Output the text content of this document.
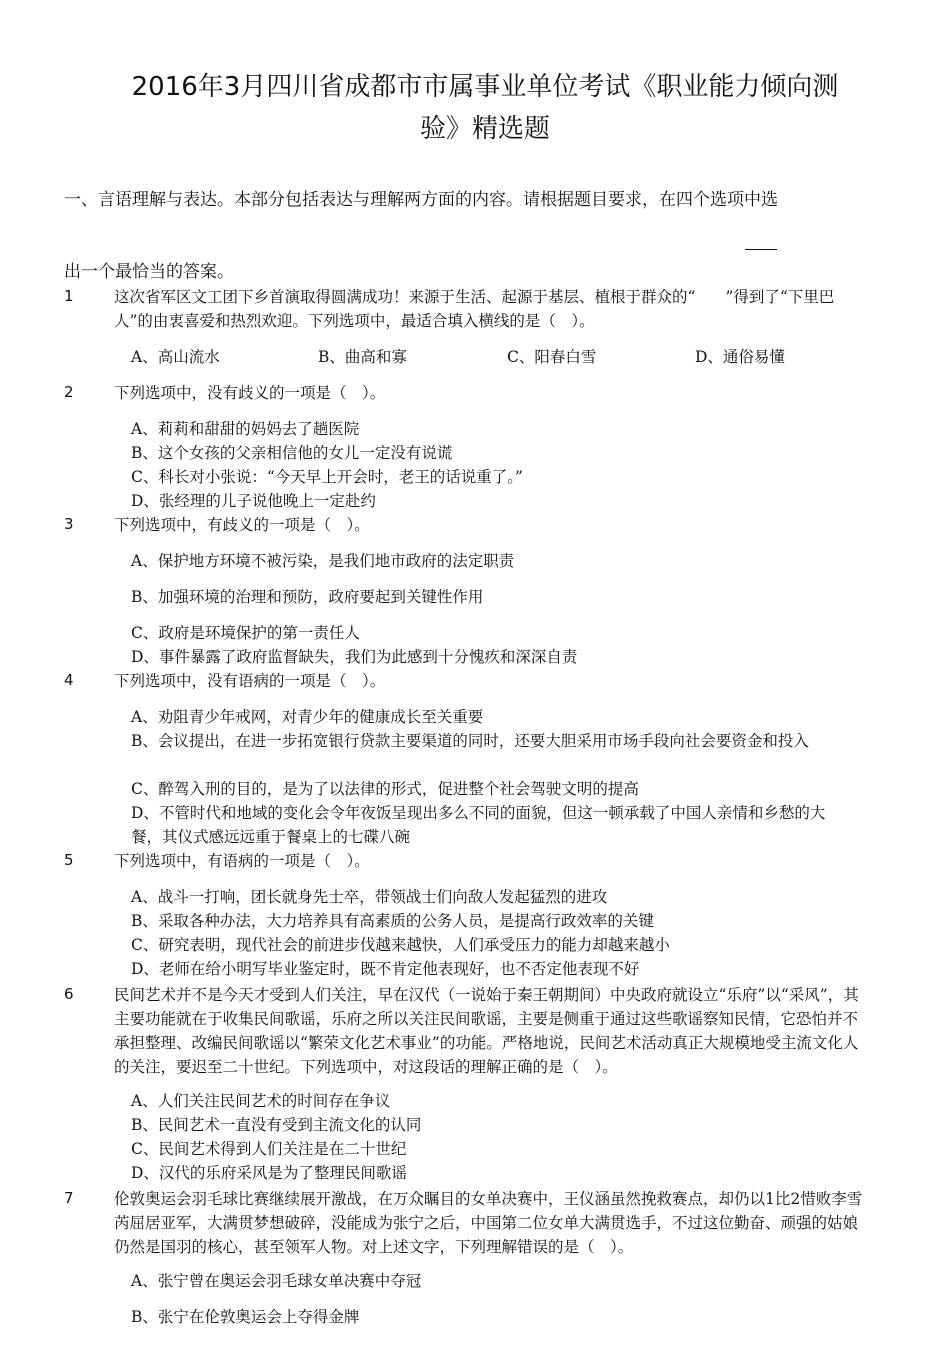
2016年3月四川省成都市市属事业单位考试《职业能力倾向测
验》精选题
一、言语理解与表达。本部分包括表达与理解两方面的内容。请根据题目要求，在四个选项中选
出一个最恰当的答案。
1	这次省军区文工团下乡首演取得圆满成功！来源于生活、起源于基层、植根于群众的“ ”得到了“下里巴人”的由衷喜爱和热烈欢迎。下列选项中，最适合填入横线的是（　）。
A、高山流水	B、曲高和寡	C、阳春白雪	D、通俗易懂
2	下列选项中，没有歧义的一项是（　）。
A、莉莉和甜甜的妈妈去了趟医院
B、这个女孩的父亲相信他的女儿一定没有说谎
C、科长对小张说：“今天早上开会时，老王的话说重了。”
D、张经理的儿子说他晚上一定赴约
3	下列选项中，有歧义的一项是（　）。
A、保护地方环境不被污染，是我们地市政府的法定职责
B、加强环境的治理和预防，政府要起到关键性作用
C、政府是环境保护的第一责任人
D、事件暴露了政府监督缺失，我们为此感到十分愧疚和深深自责
4	下列选项中，没有语病的一项是（　）。
A、劝阻青少年戒网，对青少年的健康成长至关重要
B、会议提出，在进一步拓宽银行贷款主要渠道的同时，还要大胆采用市场手段向社会要资金和投入
C、醉驾入刑的目的，是为了以法律的形式，促进整个社会驾驶文明的提高
D、不管时代和地域的变化会令年夜饭呈现出多么不同的面貌，但这一顿承载了中国人亲情和乡愁的大餐，其仪式感远远重于餐桌上的七碟八碗
5	下列选项中，有语病的一项是（　）。
A、战斗一打响，团长就身先士卒，带领战士们向敌人发起猛烈的进攻
B、采取各种办法，大力培养具有高素质的公务人员，是提高行政效率的关键
C、研究表明，现代社会的前进步伐越来越快，人们承受压力的能力却越来越小
D、老师在给小明写毕业鉴定时，既不肯定他表现好，也不否定他表现不好
6	民间艺术并不是今天才受到人们关注，早在汉代（一说始于秦王朝期间）中央政府就设立“乐府”以“采风”，其主要功能就在于收集民间歌谣，乐府之所以关注民间歌谣，主要是侧重于通过这些歌谣察知民情，它恐怕并不承担整理、改编民间歌谣以“繁荣文化艺术事业”的功能。严格地说，民间艺术活动真正大规模地受主流文化人的关注，要迟至二十世纪。下列选项中，对这段话的理解正确的是（　）。
A、人们关注民间艺术的时间存在争议
B、民间艺术一直没有受到主流文化的认同
C、民间艺术得到人们关注是在二十世纪
D、汉代的乐府采风是为了整理民间歌谣
7	伦敦奥运会羽毛球比赛继续展开激战，在万众瞩目的女单决赛中，王仪涵虽然挽救赛点，却仍以1比2惜败李雪芮屈居亚军，大满贯梦想破碎，没能成为张宁之后，中国第二位女单大满贯选手，不过这位勤奋、顽强的姑娘仍然是国羽的核心，甚至领军人物。对上述文字，下列理解错误的是（　）。
A、张宁曾在奥运会羽毛球女单决赛中夺冠
B、张宁在伦敦奥运会上夺得金牌
